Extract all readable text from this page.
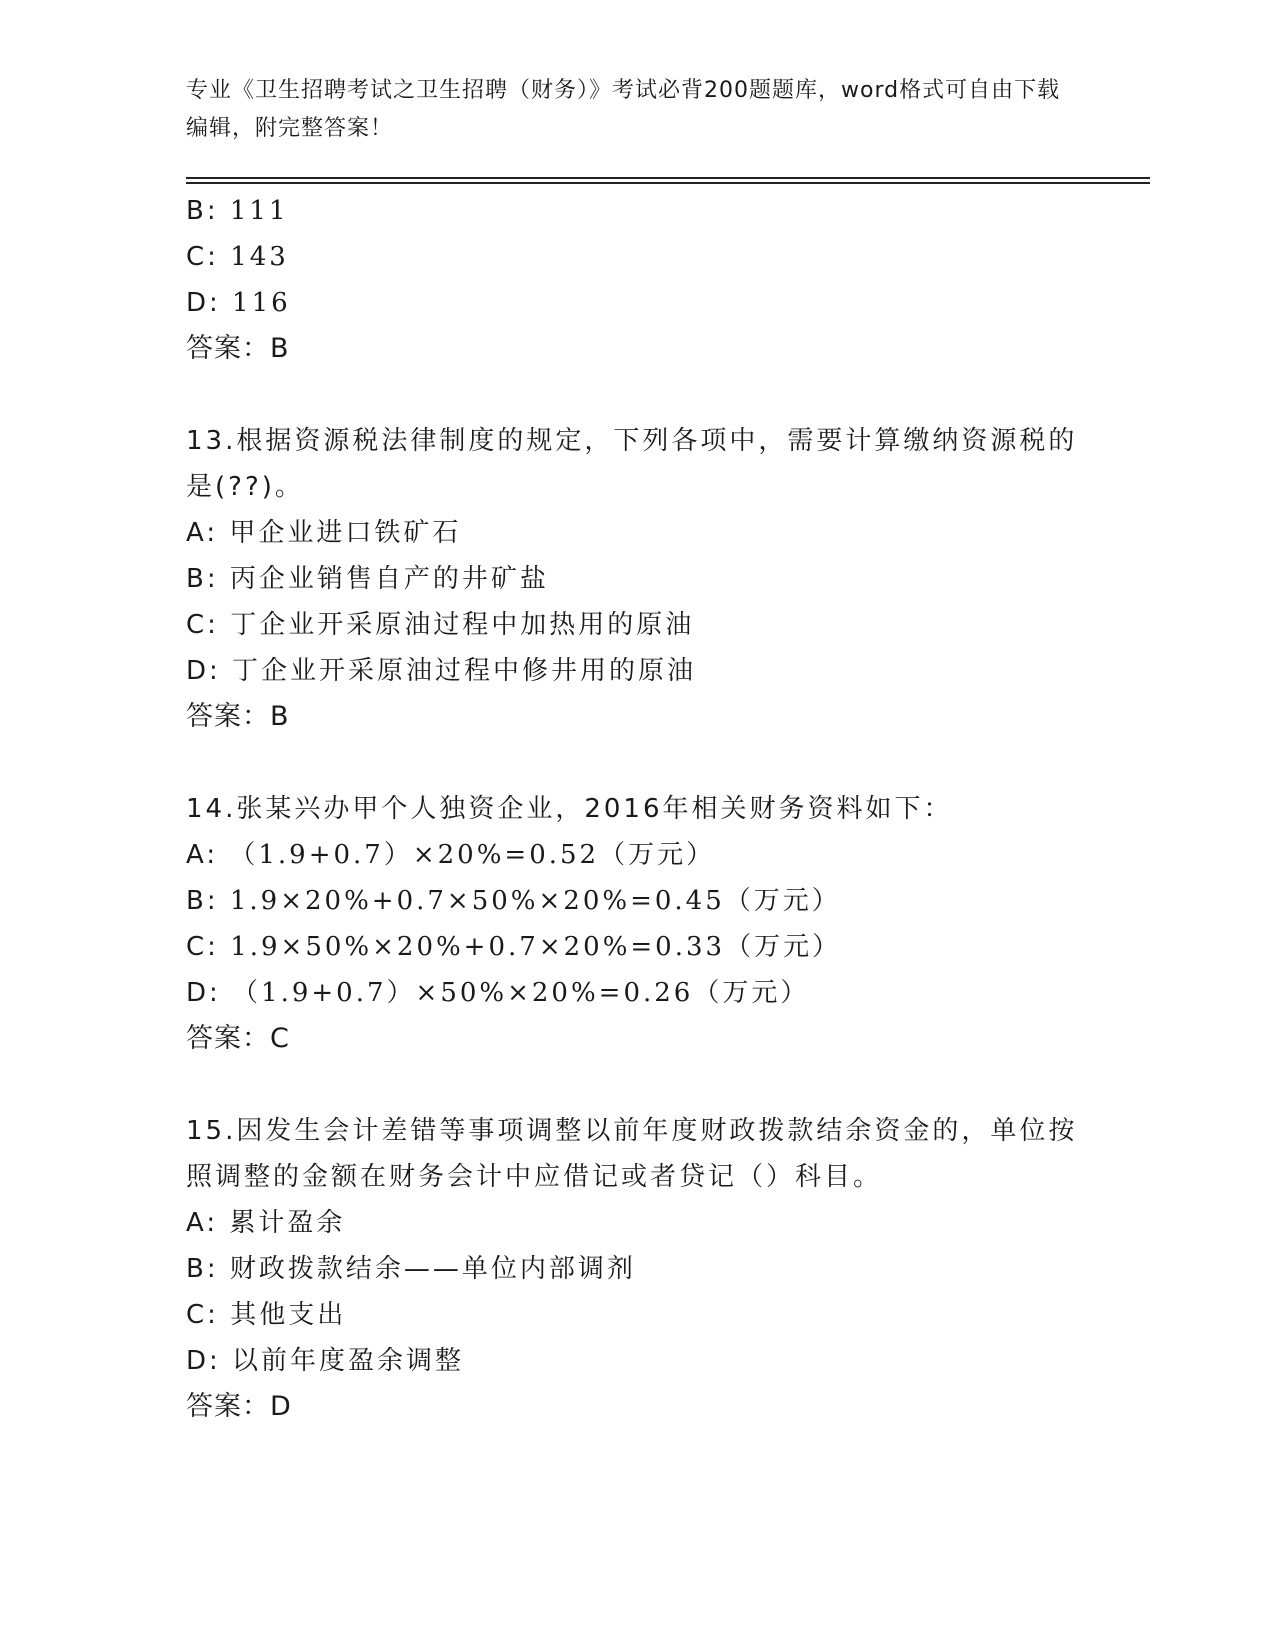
专业《卫生招聘考试之卫生招聘（财务）》考试必背200题题库，word格式可自由下载编辑，附完整答案！
B: 111
C: 143
D: 116
答案：B
13.根据资源税法律制度的规定，下列各项中，需要计算缴纳资源税的是(??)。
A: 甲企业进口铁矿石
B: 丙企业销售自产的井矿盐
C: 丁企业开采原油过程中加热用的原油
D: 丁企业开采原油过程中修井用的原油
答案：B
14.张某兴办甲个人独资企业，2016年相关财务资料如下：
A: （1.9+0.7）×20%=0.52（万元）
B: 1.9×20%+0.7×50%×20%=0.45（万元）
C: 1.9×50%×20%+0.7×20%=0.33（万元）
D: （1.9+0.7）×50%×20%=0.26（万元）
答案：C
15.因发生会计差错等事项调整以前年度财政拨款结余资金的，单位按照调整的金额在财务会计中应借记或者贷记（）科目。
A: 累计盈余
B: 财政拨款结余——单位内部调剂
C: 其他支出
D: 以前年度盈余调整
答案：D
